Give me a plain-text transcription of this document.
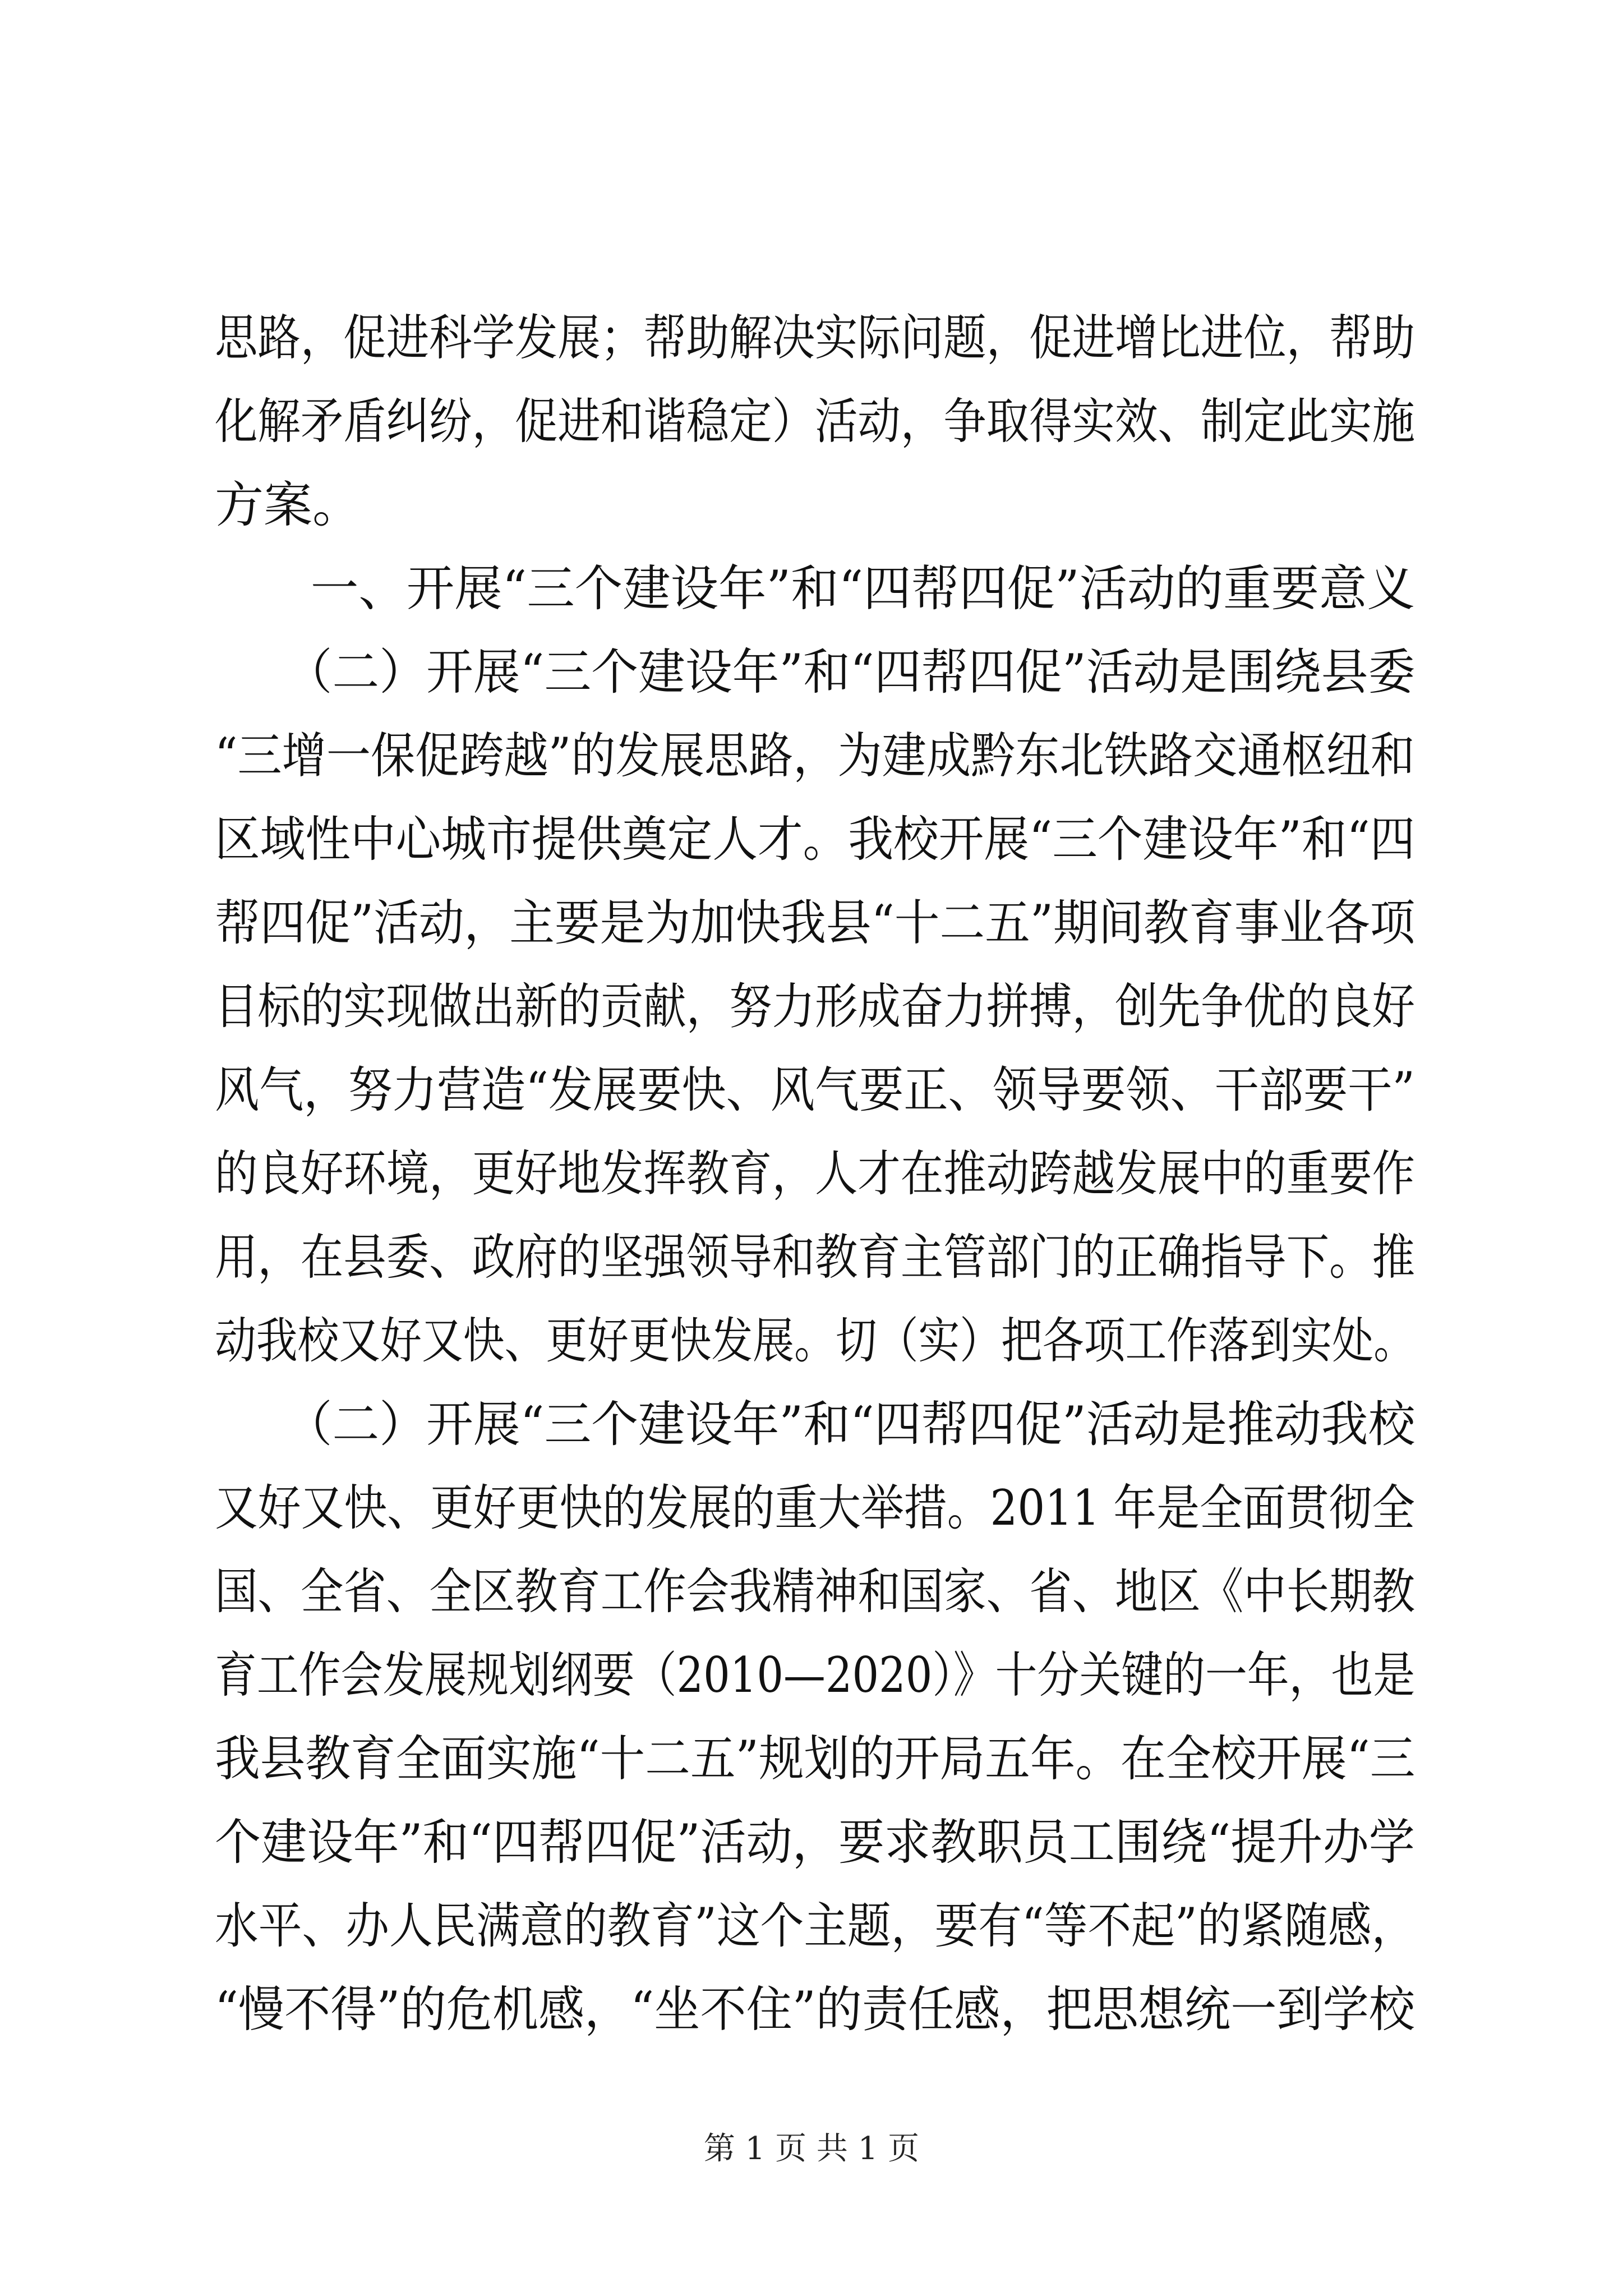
思路，促进科学发展；帮助解决实际问题，促进增比进位，帮助
化解矛盾纠纷，促进和谐稳定）活动，争取得实效、制定此实施
方案。
　　一、开展“三个建设年”和“四帮四促”活动的重要意义
　　（二）开展“三个建设年”和“四帮四促”活动是围绕县委
“三增一保促跨越”的发展思路，为建成黔东北铁路交通枢纽和
区域性中心城市提供奠定人才。我校开展“三个建设年”和“四
帮四促”活动，主要是为加快我县“十二五”期间教育事业各项
目标的实现做出新的贡献，努力形成奋力拼搏，创先争优的良好
风气，努力营造“发展要快、风气要正、领导要领、干部要干”
的良好环境，更好地发挥教育，人才在推动跨越发展中的重要作
用，在县委、政府的坚强领导和教育主管部门的正确指导下。推
动我校又好又快、更好更快发展。切（实）把各项工作落到实处。
　　（二）开展“三个建设年”和“四帮四促”活动是推动我校
又好又快、更好更快的发展的重大举措。2011 年是全面贯彻全
国、全省、全区教育工作会我精神和国家、省、地区《中长期教
育工作会发展规划纲要（2010—2020）》十分关键的一年，也是
我县教育全面实施“十二五”规划的开局五年。在全校开展“三
个建设年”和“四帮四促”活动，要求教职员工围绕“提升办学
水平、办人民满意的教育”这个主题，要有“等不起”的紧随感，
“慢不得”的危机感，“坐不住”的责任感，把思想统一到学校
第 1 页 共 1 页
